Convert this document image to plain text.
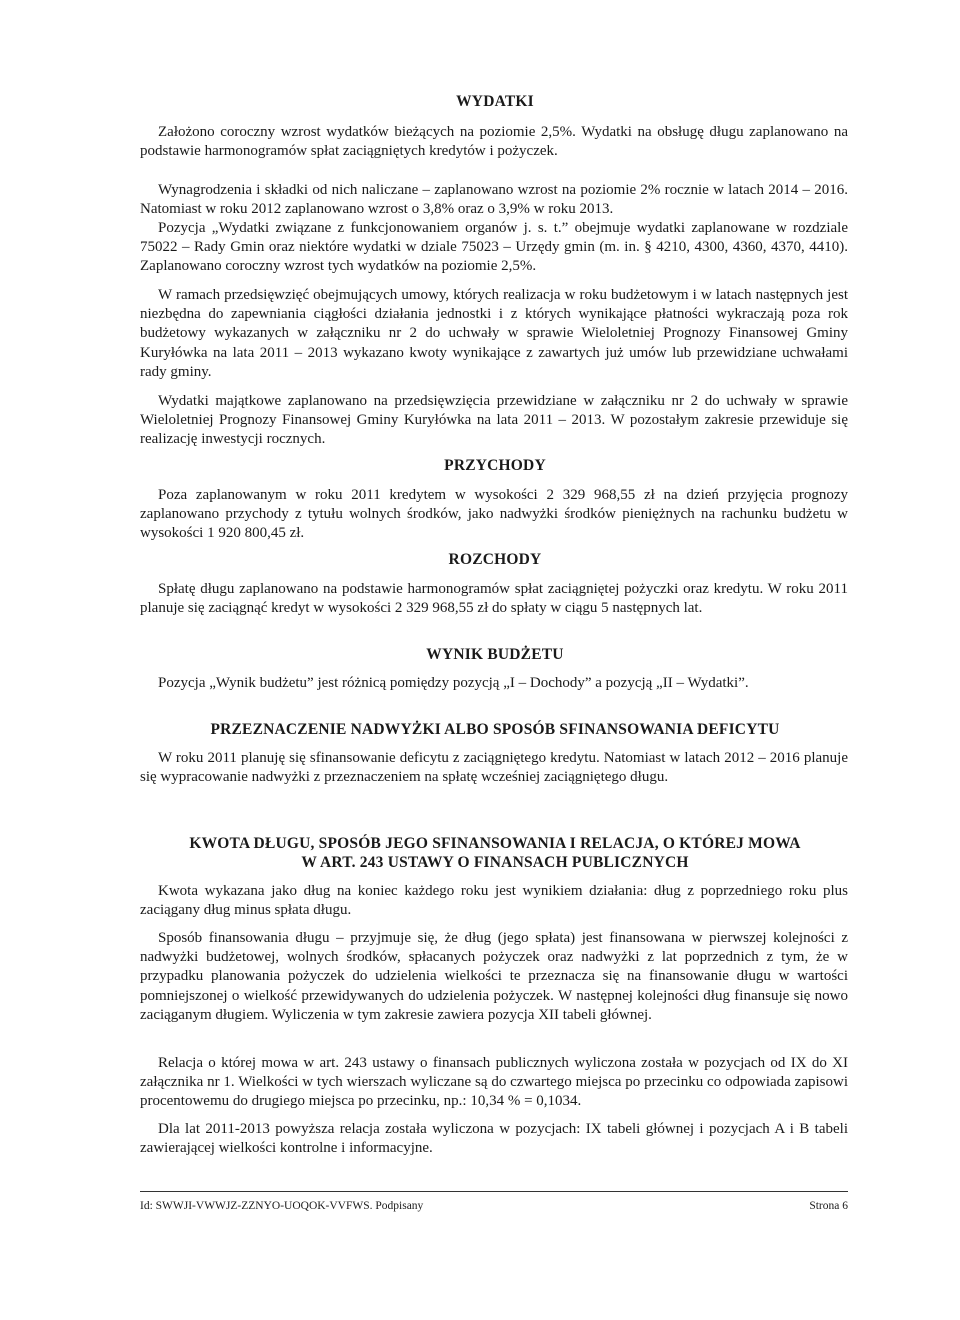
WYDATKI

Założono coroczny wzrost wydatków bieżących na poziomie 2,5%. Wydatki na obsługę długu zaplanowano na podstawie harmonogramów spłat zaciągniętych kredytów i pożyczek.

Wynagrodzenia i składki od nich naliczane – zaplanowano wzrost na poziomie 2% rocznie w latach 2014 – 2016. Natomiast w roku 2012 zaplanowano wzrost o 3,8% oraz o 3,9% w roku 2013.

Pozycja „Wydatki związane z funkcjonowaniem organów j. s. t.” obejmuje wydatki zaplanowane w rozdziale 75022 – Rady Gmin oraz niektóre wydatki w dziale 75023 – Urzędy gmin (m. in. § 4210, 4300, 4360, 4370, 4410). Zaplanowano coroczny wzrost tych wydatków na poziomie 2,5%.

W ramach przedsięwzięć obejmujących umowy, których realizacja w roku budżetowym i w latach następnych jest niezbędna do zapewniania ciągłości działania jednostki i z których wynikające płatności wykraczają poza rok budżetowy wykazanych w załączniku nr 2 do uchwały w sprawie Wieloletniej Prognozy Finansowej Gminy Kuryłówka na lata 2011 – 2013 wykazano kwoty wynikające z zawartych już umów lub przewidziane uchwałami rady gminy.

Wydatki majątkowe zaplanowano na przedsięwzięcia przewidziane w załączniku nr 2 do uchwały w sprawie Wieloletniej Prognozy Finansowej Gminy Kuryłówka na lata 2011 – 2013. W pozostałym zakresie przewiduje się realizację inwestycji rocznych.

PRZYCHODY

Poza zaplanowanym w roku 2011 kredytem w wysokości 2 329 968,55 zł na dzień przyjęcia prognozy zaplanowano przychody z tytułu wolnych środków, jako nadwyżki środków pieniężnych na rachunku budżetu w wysokości 1 920 800,45 zł.

ROZCHODY

Spłatę długu zaplanowano na podstawie harmonogramów spłat zaciągniętej pożyczki oraz kredytu. W roku 2011 planuje się zaciągnąć kredyt w wysokości 2 329 968,55 zł do spłaty w ciągu 5 następnych lat.

WYNIK BUDŻETU

Pozycja „Wynik budżetu” jest różnicą pomiędzy pozycją „I – Dochody” a pozycją „II – Wydatki”.

PRZEZNACZENIE NADWYŻKI ALBO SPOSÓB SFINANSOWANIA DEFICYTU

W roku 2011 planuję się sfinansowanie deficytu z zaciągniętego kredytu. Natomiast w latach 2012 – 2016 planuje się wypracowanie nadwyżki z przeznaczeniem na spłatę wcześniej zaciągniętego długu.

KWOTA DŁUGU, SPOSÓB JEGO SFINANSOWANIA I RELACJA, O KTÓREJ MOWA
W ART. 243 USTAWY O FINANSACH PUBLICZNYCH

Kwota wykazana jako dług na koniec każdego roku jest wynikiem działania: dług z poprzedniego roku plus zaciągany dług minus spłata długu.

Sposób finansowania długu – przyjmuje się, że dług (jego spłata) jest finansowana w pierwszej kolejności z nadwyżki budżetowej, wolnych środków, spłacanych pożyczek oraz nadwyżki z lat poprzednich z tym, że w przypadku planowania pożyczek do udzielenia wielkości te przeznacza się na finansowanie długu w wartości pomniejszonej o wielkość przewidywanych do udzielenia pożyczek. W następnej kolejności dług finansuje się nowo zaciąganym długiem. Wyliczenia w tym zakresie zawiera pozycja XII tabeli głównej.

Relacja o której mowa w art. 243 ustawy o finansach publicznych wyliczona została w pozycjach od IX do XI załącznika nr 1. Wielkości w tych wierszach wyliczane są do czwartego miejsca po przecinku co odpowiada zapisowi procentowemu do drugiego miejsca po przecinku, np.: 10,34 % = 0,1034.

Dla lat 2011-2013 powyższa relacja została wyliczona w pozycjach: IX tabeli głównej i pozycjach A i B tabeli zawierającej wielkości kontrolne i informacyjne.

Id: SWWJI-VWWJZ-ZZNYO-UOQOK-VVFWS. Podpisany	Strona 6
